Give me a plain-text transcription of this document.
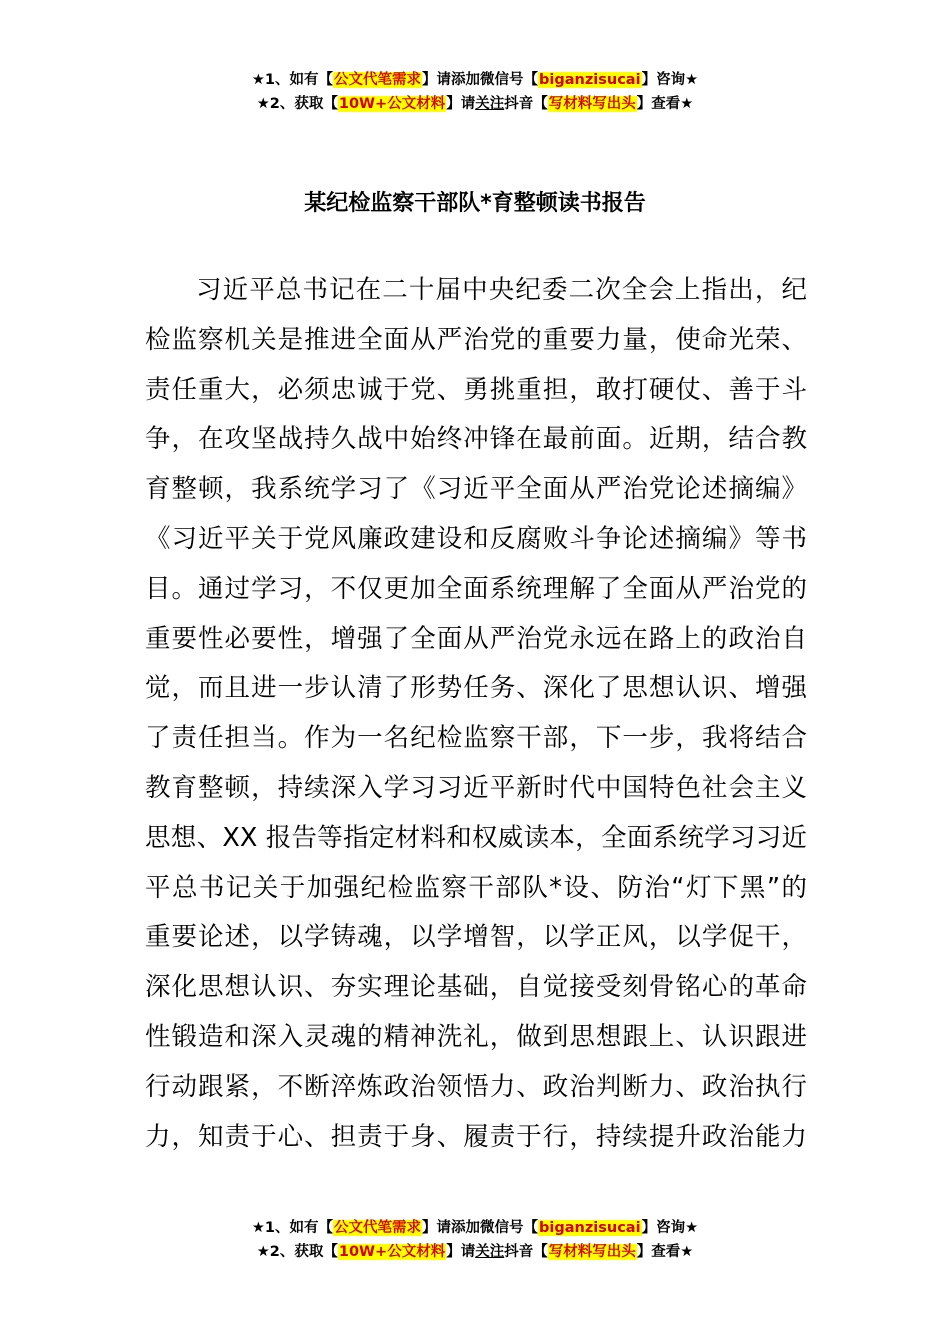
★1、如有【公文代笔需求】请添加微信号【biganzisucai】咨询★
★2、获取【10W+公文材料】请关注抖音【写材料写出头】查看★
某纪检监察干部队*育整顿读书报告
习近平总书记在二十届中央纪委二次全会上指出，纪
检监察机关是推进全面从严治党的重要力量，使命光荣、
责任重大，必须忠诚于党、勇挑重担，敢打硬仗、善于斗
争，在攻坚战持久战中始终冲锋在最前面。近期，结合教
育整顿，我系统学习了《习近平全面从严治党论述摘编》
《习近平关于党风廉政建设和反腐败斗争论述摘编》等书
目。通过学习，不仅更加全面系统理解了全面从严治党的
重要性必要性，增强了全面从严治党永远在路上的政治自
觉，而且进一步认清了形势任务、深化了思想认识、增强
了责任担当。作为一名纪检监察干部，下一步，我将结合
教育整顿，持续深入学习习近平新时代中国特色社会主义
思想、XX 报告等指定材料和权威读本，全面系统学习习近
平总书记关于加强纪检监察干部队*设、防治“灯下黑”的
重要论述，以学铸魂，以学增智，以学正风，以学促干，
深化思想认识、夯实理论基础，自觉接受刻骨铭心的革命
性锻造和深入灵魂的精神洗礼，做到思想跟上、认识跟进
行动跟紧，不断淬炼政治领悟力、政治判断力、政治执行
力，知责于心、担责于身、履责于行，持续提升政治能力
★1、如有【公文代笔需求】请添加微信号【biganzisucai】咨询★
★2、获取【10W+公文材料】请关注抖音【写材料写出头】查看★
